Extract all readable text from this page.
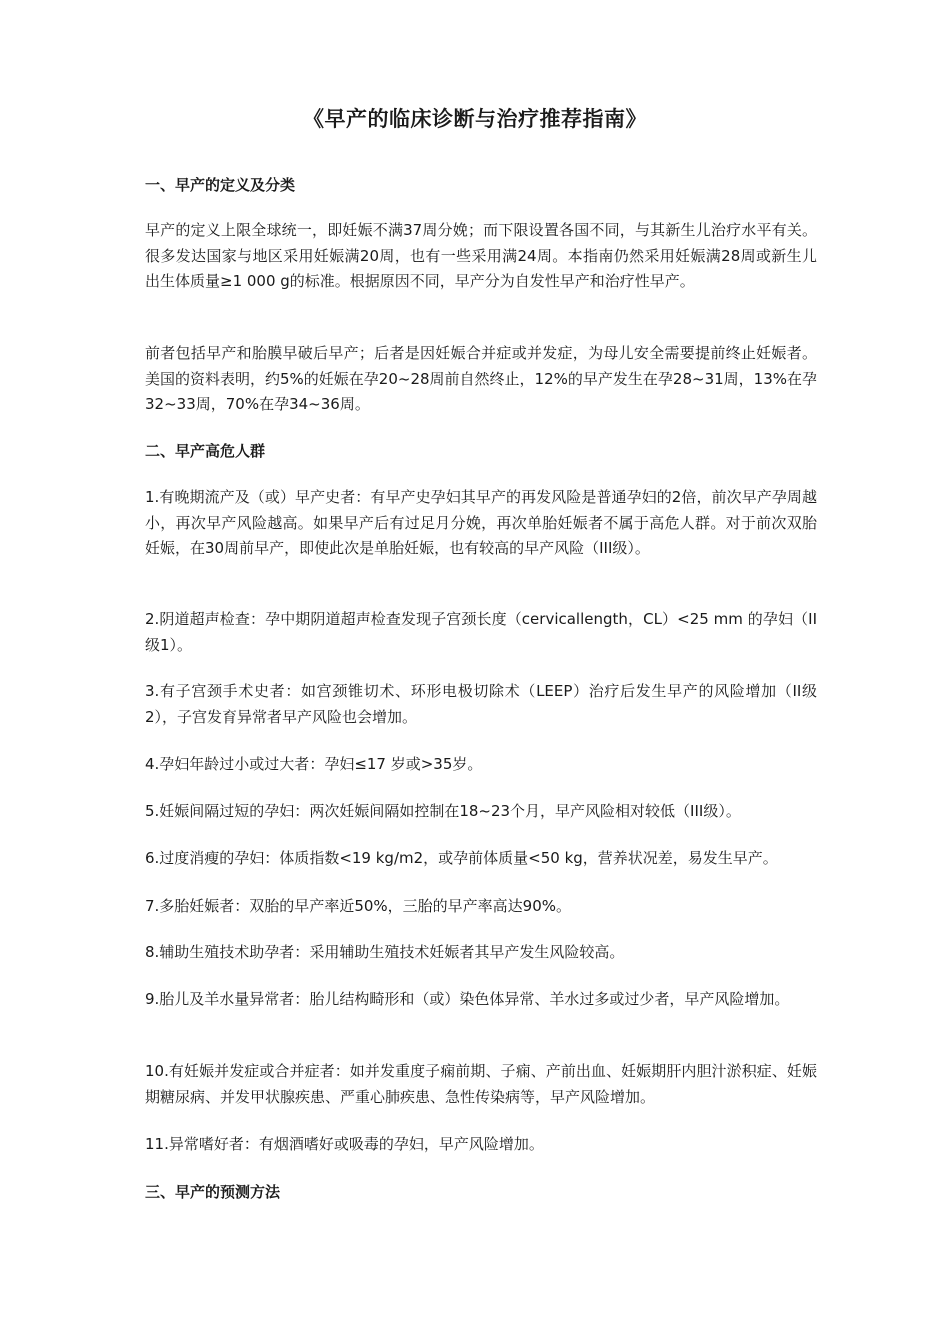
《早产的临床诊断与治疗推荐指南》
一、早产的定义及分类
早产的定义上限全球统一，即妊娠不满37周分娩；而下限设置各国不同，与其新生儿治疗水平有关。很多发达国家与地区采用妊娠满20周，也有一些采用满24周。本指南仍然采用妊娠满28周或新生儿出生体质量≥1 000 g的标准。根据原因不同，早产分为自发性早产和治疗性早产。
前者包括早产和胎膜早破后早产；后者是因妊娠合并症或并发症，为母儿安全需要提前终止妊娠者。美国的资料表明，约5%的妊娠在孕20~28周前自然终止，12%的早产发生在孕28~31周，13%在孕32~33周，70%在孕34~36周。
二、早产高危人群
1.有晚期流产及（或）早产史者：有早产史孕妇其早产的再发风险是普通孕妇的2倍，前次早产孕周越小，再次早产风险越高。如果早产后有过足月分娩，再次单胎妊娠者不属于高危人群。对于前次双胎妊娠，在30周前早产，即使此次是单胎妊娠，也有较高的早产风险（III级）。
2.阴道超声检查：孕中期阴道超声检查发现子宫颈长度（cervicallength，CL）<25 mm 的孕妇（II级1）。
3.有子宫颈手术史者：如宫颈锥切术、环形电极切除术（LEEP）治疗后发生早产的风险增加（II级2），子宫发育异常者早产风险也会增加。
4.孕妇年龄过小或过大者：孕妇≤17 岁或>35岁。
5.妊娠间隔过短的孕妇：两次妊娠间隔如控制在18~23个月，早产风险相对较低（III级）。
6.过度消瘦的孕妇：体质指数<19 kg/m2，或孕前体质量<50 kg，营养状况差，易发生早产。
7.多胎妊娠者：双胎的早产率近50%，三胎的早产率高达90%。
8.辅助生殖技术助孕者：采用辅助生殖技术妊娠者其早产发生风险较高。
9.胎儿及羊水量异常者：胎儿结构畸形和（或）染色体异常、羊水过多或过少者，早产风险增加。
10.有妊娠并发症或合并症者：如并发重度子痫前期、子痫、产前出血、妊娠期肝内胆汁淤积症、妊娠期糖尿病、并发甲状腺疾患、严重心肺疾患、急性传染病等，早产风险增加。
11.异常嗜好者：有烟酒嗜好或吸毒的孕妇，早产风险增加。
三、早产的预测方法
